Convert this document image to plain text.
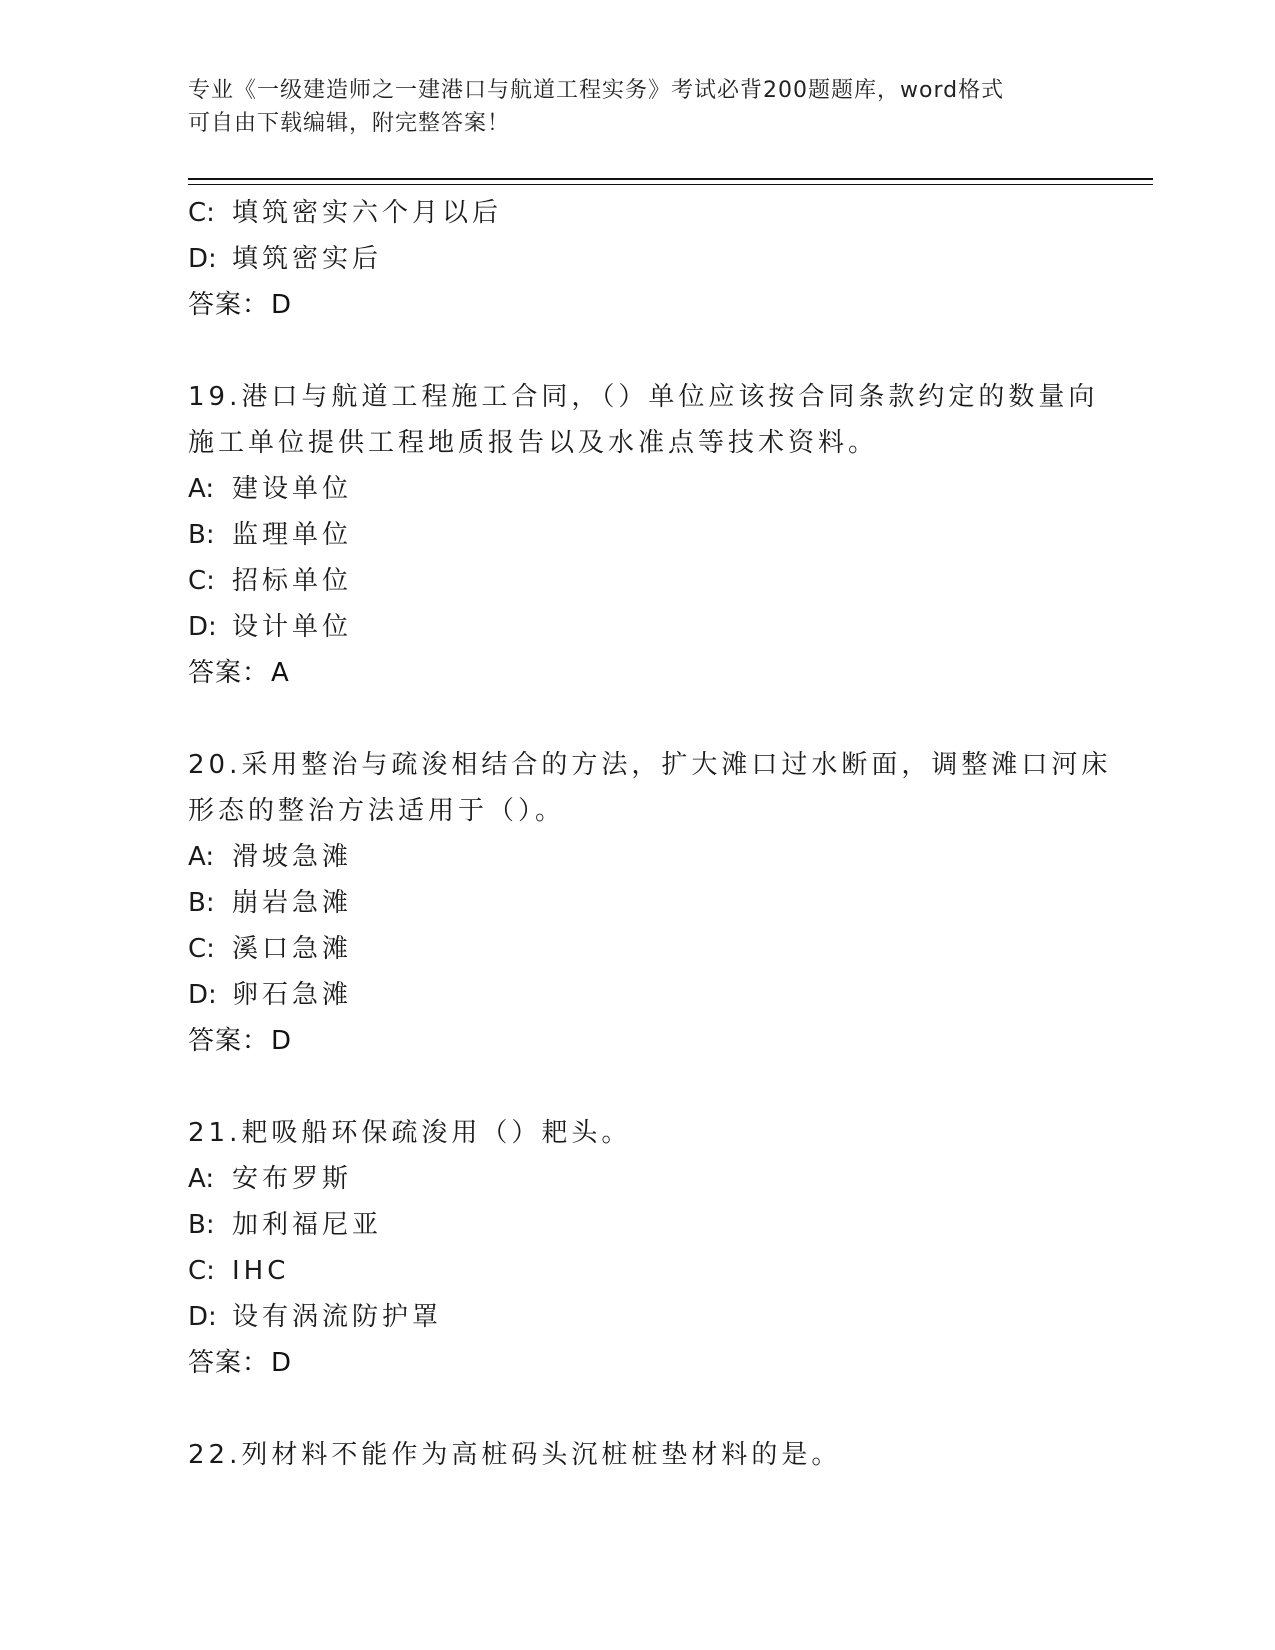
专业《一级建造师之一建港口与航道工程实务》考试必背200题题库，word格式
可自由下载编辑，附完整答案！
C: 填筑密实六个月以后
D: 填筑密实后
答案：D
19.港口与航道工程施工合同，（）单位应该按合同条款约定的数量向
施工单位提供工程地质报告以及水准点等技术资料。
A: 建设单位
B: 监理单位
C: 招标单位
D: 设计单位
答案：A
20.采用整治与疏浚相结合的方法，扩大滩口过水断面，调整滩口河床
形态的整治方法适用于（）。
A: 滑坡急滩
B: 崩岩急滩
C: 溪口急滩
D: 卵石急滩
答案：D
21.耙吸船环保疏浚用（）耙头。
A: 安布罗斯
B: 加利福尼亚
C: IHC
D: 设有涡流防护罩
答案：D
22.列材料不能作为高桩码头沉桩桩垫材料的是。
